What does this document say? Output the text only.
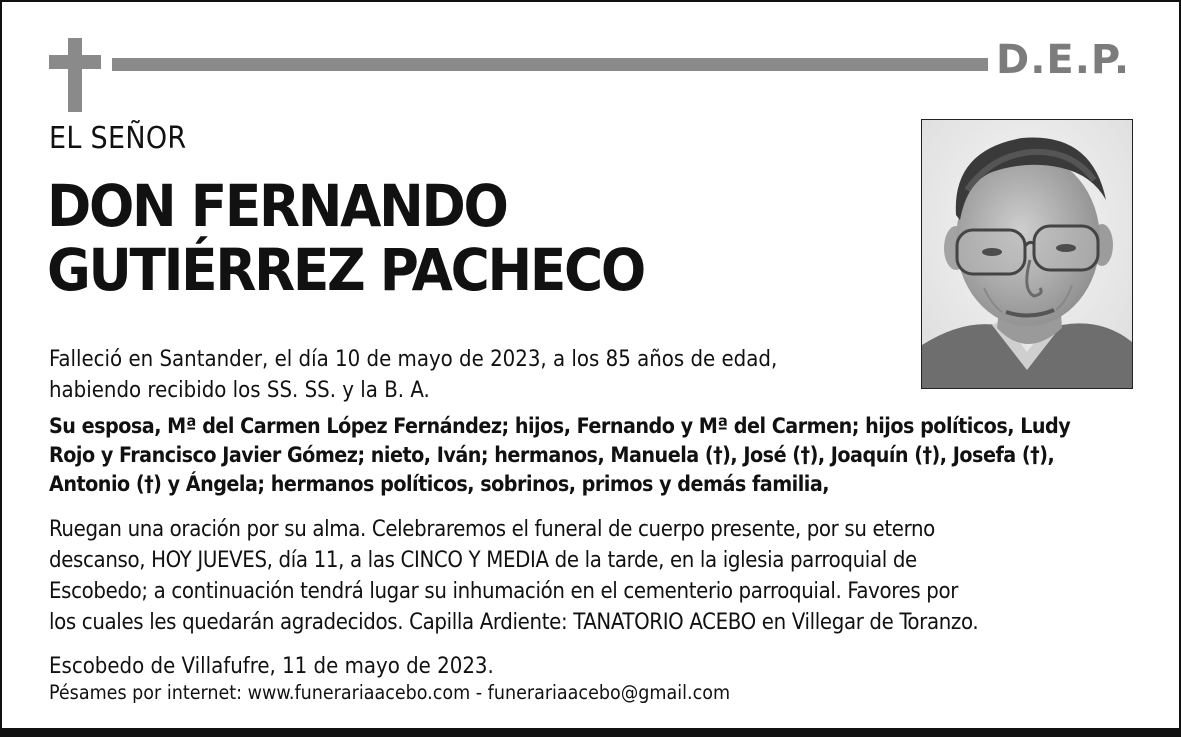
D.E.P.
EL SEÑOR
DON FERNANDO
GUTIÉRREZ PACHECO
Falleció en Santander, el día 10 de mayo de 2023, a los 85 años de edad,
habiendo recibido los SS. SS. y la B. A.
Su esposa, Mª del Carmen López Fernández; hijos, Fernando y Mª del Carmen; hijos políticos, Ludy
Rojo y Francisco Javier Gómez; nieto, Iván; hermanos, Manuela (†), José (†), Joaquín (†), Josefa (†),
Antonio (†) y Ángela; hermanos políticos, sobrinos, primos y demás familia,
Ruegan una oración por su alma. Celebraremos el funeral de cuerpo presente, por su eterno
descanso, HOY JUEVES, día 11, a las CINCO Y MEDIA de la tarde, en la iglesia parroquial de
Escobedo; a continuación tendrá lugar su inhumación en el cementerio parroquial. Favores por
los cuales les quedarán agradecidos. Capilla Ardiente: TANATORIO ACEBO en Villegar de Toranzo.
Escobedo de Villafufre, 11 de mayo de 2023.
Pésames por internet: www.funerariaacebo.com - funerariaacebo@gmail.com
